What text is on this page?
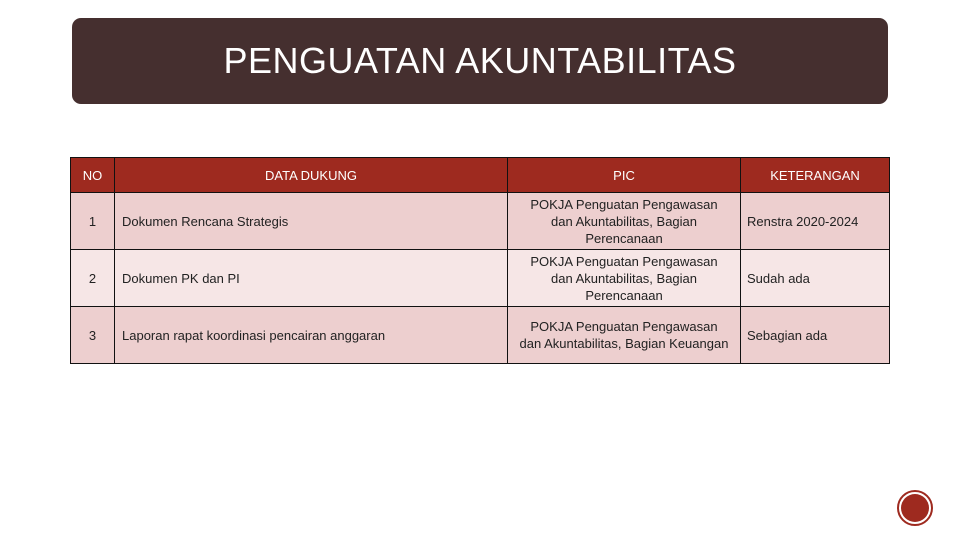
PENGUATAN AKUNTABILITAS
NO	DATA DUKUNG	PIC	KETERANGAN
1	Dokumen Rencana Strategis	POKJA Penguatan Pengawasan dan Akuntabilitas, Bagian Perencanaan	Renstra 2020-2024
2	Dokumen PK dan PI	POKJA Penguatan Pengawasan dan Akuntabilitas, Bagian Perencanaan	Sudah ada
3	Laporan rapat koordinasi pencairan anggaran	POKJA Penguatan Pengawasan dan Akuntabilitas, Bagian Keuangan	Sebagian ada
